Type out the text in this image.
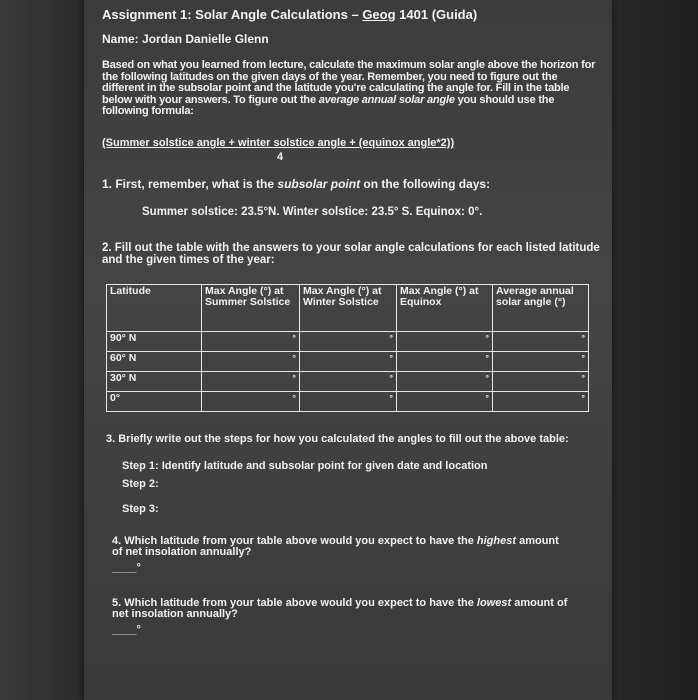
Assignment 1: Solar Angle Calculations – Geog 1401 (Guida)
Name: Jordan Danielle Glenn
Based on what you learned from lecture, calculate the maximum solar angle above the horizon for the following latitudes on the given days of the year. Remember, you need to figure out the different in the subsolar point and the latitude you're calculating the angle for. Fill in the table below with your answers. To figure out the average annual solar angle you should use the following formula:
(Summer solstice angle + winter solstice angle + (equinox angle*2))
4
1. First, remember, what is the subsolar point on the following days:
Summer solstice: 23.5°N. Winter solstice: 23.5° S. Equinox: 0°.
2. Fill out the table with the answers to your solar angle calculations for each listed latitude and the given times of the year:
Latitude	Max Angle (°) at Summer Solstice	Max Angle (°) at Winter Solstice	Max Angle (°) at Equinox	Average annual solar angle (°)
90° N	°	°	°	°

60° N	°	°	°	°

30° N	°	°	°	°

0°	°	°	°	°
3. Briefly write out the steps for how you calculated the angles to fill out the above table:
Step 1: Identify latitude and subsolar point for given date and location
Step 2:
Step 3:
4. Which latitude from your table above would you expect to have the highest amount of net insolation annually?
____°
5. Which latitude from your table above would you expect to have the lowest amount of net insolation annually?
____°
